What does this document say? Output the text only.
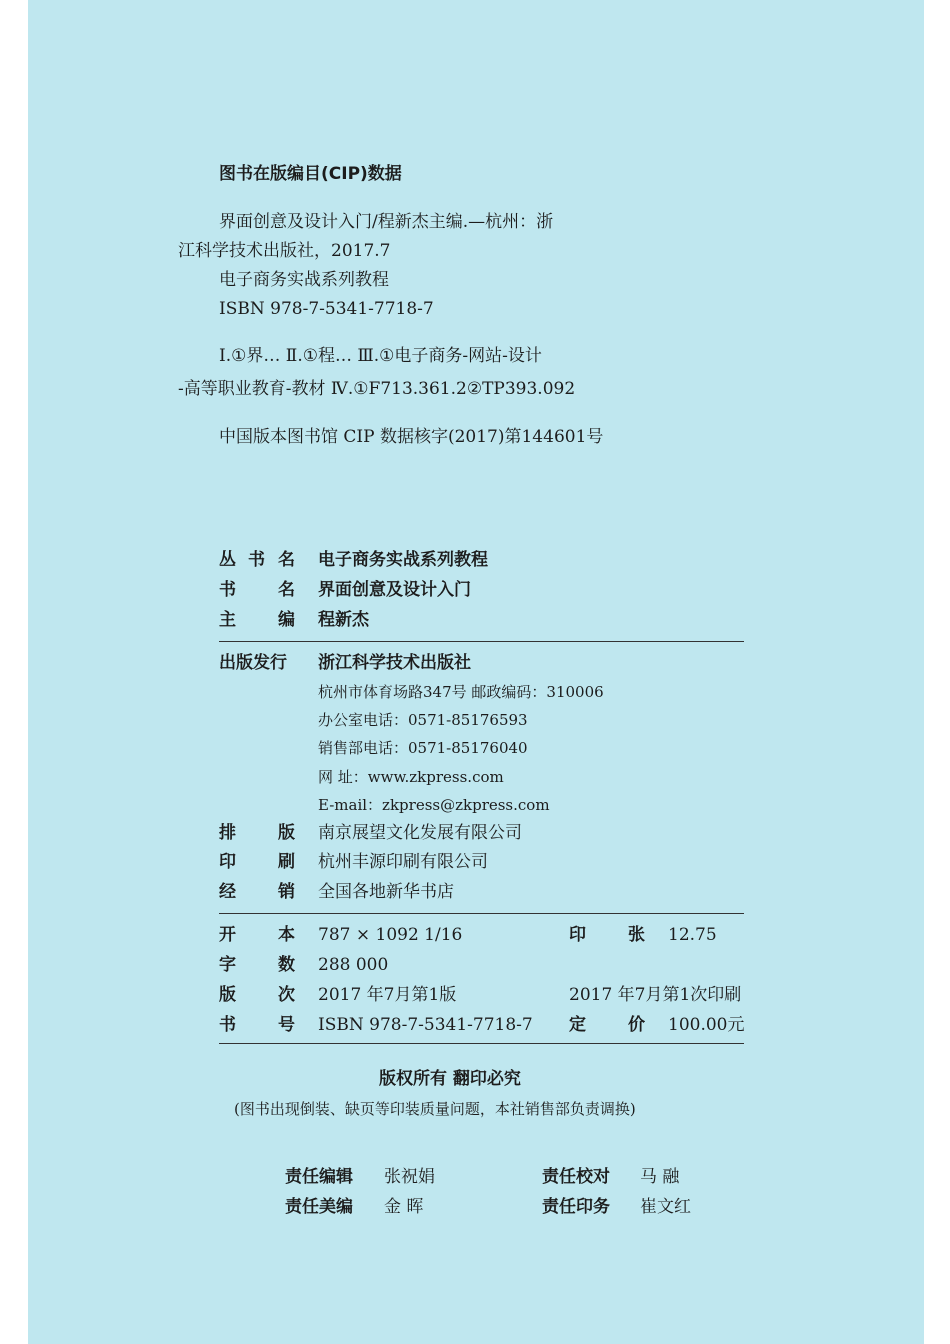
图书在版编目(CIP)数据
界面创意及设计入门/程新杰主编.—杭州：浙
江科学技术出版社，2017.7
电子商务实战系列教程
ISBN 978-7-5341-7718-7
Ⅰ.①界… Ⅱ.①程… Ⅲ.①电子商务-网站-设计
-高等职业教育-教材 Ⅳ.①F713.361.2②TP393.092
中国版本图书馆 CIP 数据核字(2017)第144601号
丛 书 名 电子商务实战系列教程
书 名 界面创意及设计入门
主 编 程新杰
出版发行 浙江科学技术出版社
杭州市体育场路347号 邮政编码：310006
办公室电话：0571-85176593
销售部电话：0571-85176040
网 址：www.zkpress.com
E-mail：zkpress@zkpress.com
排 版 南京展望文化发展有限公司
印 刷 杭州丰源印刷有限公司
经 销 全国各地新华书店
开 本 787 × 1092 1/16	印 张 12.75
字 数 288 000
版 次 2017 年7月第1版	2017 年7月第1次印刷
书 号 ISBN 978-7-5341-7718-7 定 价 100.00元
版权所有 翻印必究
(图书出现倒装、缺页等印装质量问题，本社销售部负责调换)
责任编辑 张祝娟	责任校对 马 融
责任美编 金 晖	责任印务 崔文红
